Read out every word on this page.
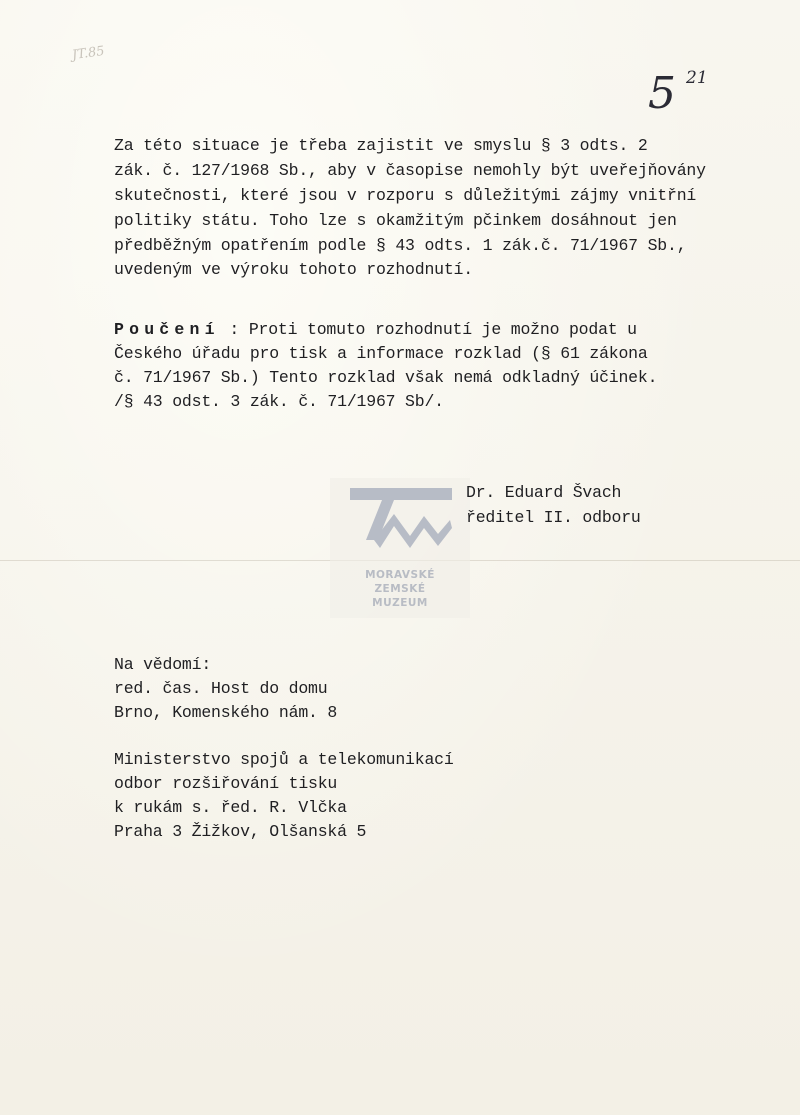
JT.85
5 21
Za této situace je třeba zajistit ve smyslu § 3 odts. 2
zák. č. 127/1968 Sb., aby v časopise nemohly být uveřejňovány
skutečnosti, které jsou v rozporu s důležitými zájmy vnitřní
politiky státu. Toho lze s okamžitým pčinkem dosáhnout jen
předběžným opatřením podle § 43 odts. 1 zák.č. 71/1967 Sb.,
uvedeným ve výroku tohoto rozhodnutí.
Poučení : Proti tomuto rozhodnutí je možno podat u
Českého úřadu pro tisk a informace rozklad (§ 61 zákona
č. 71/1967 Sb.) Tento rozklad však nemá odkladný účinek.
/§ 43 odst. 3 zák. č. 71/1967 Sb/.
MORAVSKÉ
ZEMSKÉ
MUZEUM
Dr. Eduard Švach
ředitel II. odboru
Na vědomí:
red. čas. Host do domu
Brno, Komenského nám. 8
Ministerstvo spojů a telekomunikací
odbor rozšiřování tisku
k rukám s. řed. R. Vlčka
Praha 3 Žižkov, Olšanská 5
